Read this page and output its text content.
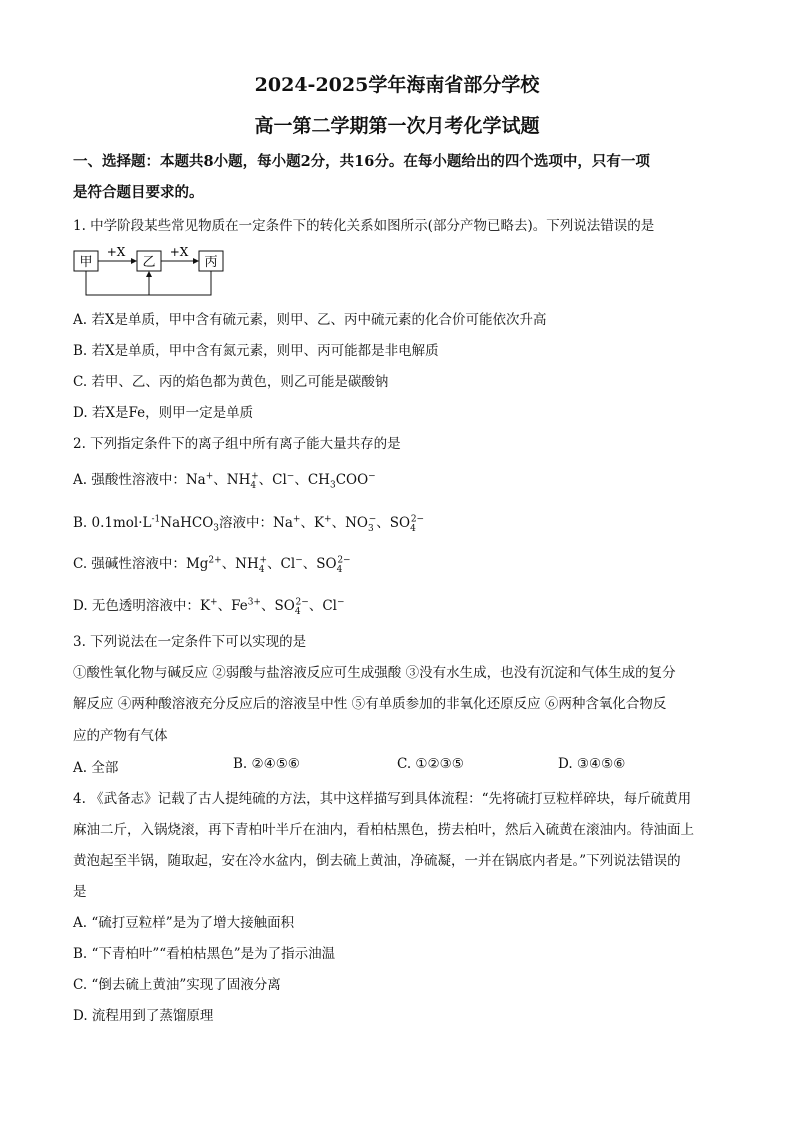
2024-2025学年海南省部分学校
高一第二学期第一次月考化学试题
一、选择题：本题共8小题，每小题2分，共16分。在每小题给出的四个选项中，只有一项
是符合题目要求的。
1. 中学阶段某些常见物质在一定条件下的转化关系如图所示(部分产物已略去)。下列说法错误的是
甲	乙	丙
+X	+X
A. 若X是单质，甲中含有硫元素，则甲、乙、丙中硫元素的化合价可能依次升高
B. 若X是单质，甲中含有氮元素，则甲、丙可能都是非电解质
C. 若甲、乙、丙的焰色都为黄色，则乙可能是碳酸钠
D. 若X是Fe，则甲一定是单质
2. 下列指定条件下的离子组中所有离子能大量共存的是
A. 强酸性溶液中：Na+、$NH_4^+$、Cl−、$CH_3COO^-$
B. $0.1mol\cdot L^{-1}NaHCO_3$溶液中：Na+、K+、$NO_3^-$、$SO_4^{2-}$
C. 强碱性溶液中：$Mg^{2+}$、$NH_4^+$、Cl−、$SO_4^{2-}$
D. 无色透明溶液中：K+、$Fe^{3+}$、$SO_4^{2-}$、Cl−
3. 下列说法在一定条件下可以实现的是
①酸性氧化物与碱反应 ②弱酸与盐溶液反应可生成强酸 ③没有水生成，也没有沉淀和气体生成的复分
解反应 ④两种酸溶液充分反应后的溶液呈中性 ⑤有单质参加的非氧化还原反应 ⑥两种含氧化合物反
应的产物有气体
A. 全部	B. ②④⑤⑥	C. ①②③⑤	D. ③④⑤⑥
4. 《武备志》记载了古人提纯硫的方法，其中这样描写到具体流程：“先将硫打豆粒样碎块，每斤硫黄用
麻油二斤，入锅烧滚，再下青柏叶半斤在油内，看柏枯黑色，捞去柏叶，然后入硫黄在滚油内。待油面上
黄泡起至半锅，随取起，安在冷水盆内，倒去硫上黄油，净硫凝，一并在锅底内者是。”下列说法错误的
是
A. “硫打豆粒样”是为了增大接触面积
B. “下青柏叶”“看柏枯黑色”是为了指示油温
C. “倒去硫上黄油”实现了固液分离
D. 流程用到了蒸馏原理
